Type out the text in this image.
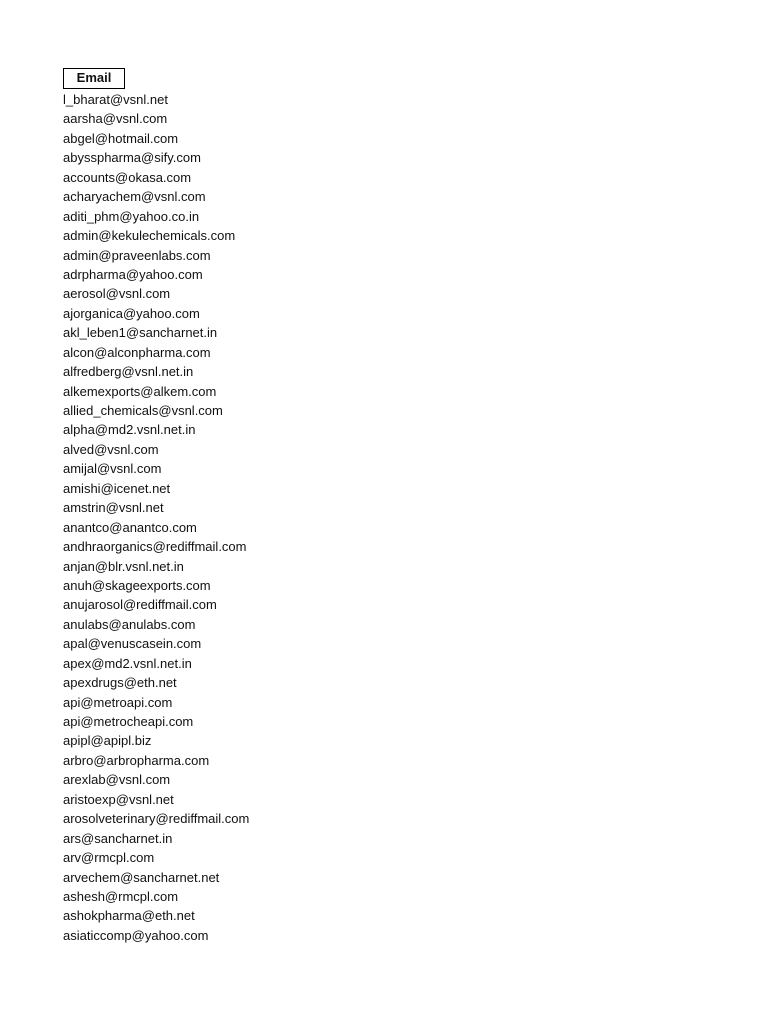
Email
l_bharat@vsnl.net
aarsha@vsnl.com
abgel@hotmail.com
abysspharma@sify.com
accounts@okasa.com
acharyachem@vsnl.com
aditi_phm@yahoo.co.in
admin@kekulechemicals.com
admin@praveenlabs.com
adrpharma@yahoo.com
aerosol@vsnl.com
ajorganica@yahoo.com
akl_leben1@sancharnet.in
alcon@alconpharma.com
alfredberg@vsnl.net.in
alkemexports@alkem.com
allied_chemicals@vsnl.com
alpha@md2.vsnl.net.in
alved@vsnl.com
amijal@vsnl.com
amishi@icenet.net
amstrin@vsnl.net
anantco@anantco.com
andhraorganics@rediffmail.com
anjan@blr.vsnl.net.in
anuh@skageexports.com
anujarosol@rediffmail.com
anulabs@anulabs.com
apal@venuscasein.com
apex@md2.vsnl.net.in
apexdrugs@eth.net
api@metroapi.com
api@metrocheapi.com
apipl@apipl.biz
arbro@arbropharma.com
arexlab@vsnl.com
aristoexp@vsnl.net
arosolveterinary@rediffmail.com
ars@sancharnet.in
arv@rmcpl.com
arvechem@sancharnet.net
ashesh@rmcpl.com
ashokpharma@eth.net
asiaticcomp@yahoo.com
